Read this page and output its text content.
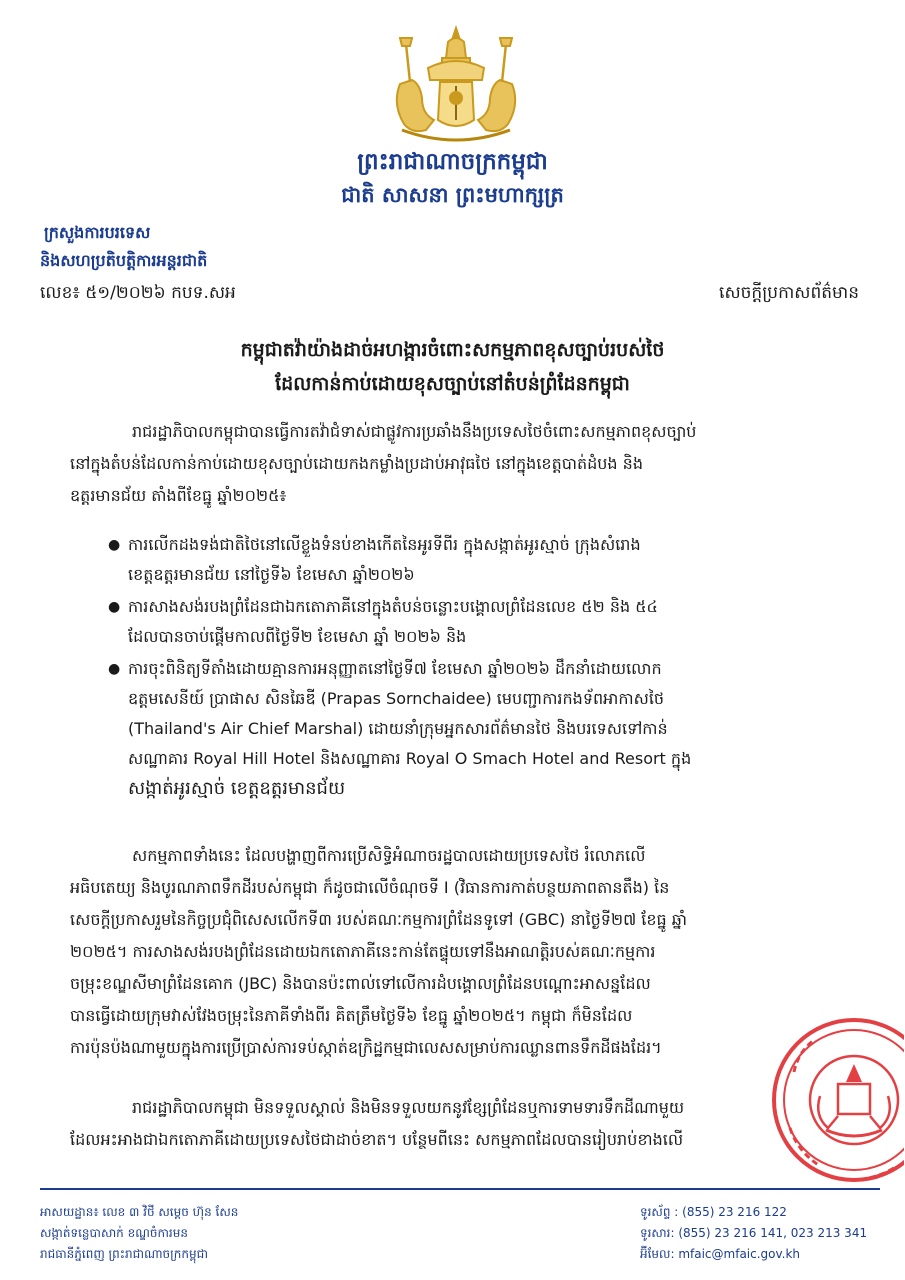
ព្រះរាជាណាចក្រកម្ពុជា
ជាតិ សាសនា ព្រះមហាក្សត្រ
ក្រសួងការបរទេស
និងសហប្រតិបត្តិការអន្តរជាតិ
លេខ៖ ៥១/២០២៦ កបទ.សអ	សេចក្តីប្រកាសព័ត៌មាន
កម្ពុជាតវ៉ាយ៉ាងដាច់អហង្ការចំពោះសកម្មភាពខុសច្បាប់របស់ថៃ
ដែលកាន់កាប់ដោយខុសច្បាប់នៅតំបន់ព្រំដែនកម្ពុជា
រាជរដ្ឋាភិបាលកម្ពុជាបានធ្វើការតវ៉ាជំទាស់ជាផ្លូវការប្រឆាំងនឹងប្រទេសថៃចំពោះសកម្មភាពខុសច្បាប់
នៅក្នុងតំបន់ដែលកាន់កាប់ដោយខុសច្បាប់ដោយកងកម្លាំងប្រដាប់អាវុធថៃ នៅក្នុងខេត្តបាត់ដំបង និង
ឧត្តរមានជ័យ តាំងពីខែធ្នូ ឆ្នាំ២០២៥៖
● ការលើកដងទង់ជាតិថៃនៅលើខ្លួងទំនប់ខាងកើតនៃអូរទីពីរ ក្នុងសង្កាត់អូរស្មាច់ ក្រុងសំរោង
ខេត្តឧត្តរមានជ័យ នៅថ្ងៃទី៦ ខែមេសា ឆ្នាំ២០២៦
● ការសាងសង់របងព្រំដែនជាឯកតោភាគីនៅក្នុងតំបន់ចន្លោះបង្គោលព្រំដែនលេខ ៥២ និង ៥៤
ដែលបានចាប់ផ្តើមកាលពីថ្ងៃទី២ ខែមេសា ឆ្នាំ ២០២៦ និង
● ការចុះពិនិត្យទីតាំងដោយគ្មានការអនុញ្ញាតនៅថ្ងៃទី៧ ខែមេសា ឆ្នាំ២០២៦ ដឹកនាំដោយលោក
ឧត្តមសេនីយ៍ ប្រាផាស សិនឆៃឌី (Prapas Sornchaidee) មេបញ្ជាការកងទ័ពអាកាសថៃ
(Thailand's Air Chief Marshal) ដោយនាំក្រុមអ្នកសារព័ត៌មានថៃ និងបរទេសទៅកាន់
សណ្ឋាគារ Royal Hill Hotel និងសណ្ឋាគារ Royal O Smach Hotel and Resort ក្នុង
សង្កាត់អូរស្មាច់ ខេត្តឧត្តរមានជ័យ
សកម្មភាពទាំងនេះ ដែលបង្ហាញពីការប្រើសិទ្ធិអំណាចរដ្ឋបាលដោយប្រទេសថៃ រំលោភលើ
អធិបតេយ្យ និងបូរណភាពទឹកដីរបស់កម្ពុជា ក៏ដូចជាលើចំណុចទី I (វិធានការកាត់បន្ថយភាពតានតឹង) នៃ
សេចក្តីប្រកាសរួមនៃកិច្ចប្រជុំពិសេសលើកទី៣ របស់គណៈកម្មការព្រំដែនទូទៅ (GBC) នាថ្ងៃទី២៧ ខែធ្នូ ឆ្នាំ
២០២៥។ ការសាងសង់របងព្រំដែនដោយឯកតោភាគីនេះកាន់តែផ្ទុយទៅនឹងអាណត្តិរបស់គណៈកម្មការ
ចម្រុះខណ្ឌសីមាព្រំដែនគោក (JBC) និងបានប៉ះពាល់ទៅលើការដំបង្គោលព្រំដែនបណ្តោះអាសន្នដែល
បានធ្វើដោយក្រុមវាស់វែងចម្រុះនៃភាគីទាំងពីរ គិតត្រឹមថ្ងៃទី៦ ខែធ្នូ ឆ្នាំ២០២៥។ កម្ពុជា ក៏មិនដែល
ការប៉ុនប៉ងណាមួយក្នុងការប្រើប្រាស់ការទប់ស្កាត់ឧក្រិដ្ឋកម្មជាលេសសម្រាប់ការឈ្លានពានទឹកដីផងដែរ។
រាជរដ្ឋាភិបាលកម្ពុជា មិនទទួលស្គាល់ និងមិនទទួលយកនូវខ្សែព្រំដែនឬការទាមទារទឹកដីណាមួយ
ដែលអះអាងជាឯកតោភាគីដោយប្រទេសថៃជាដាច់ខាត។ បន្ថែមពីនេះ សកម្មភាពដែលបានរៀបរាប់ខាងលើ
អាសយដ្ឋាន៖ លេខ ៣ វិថី សម្តេច ហ៊ុន សែន
សង្កាត់ទន្លេបាសាក់ ខណ្ឌចំការមន
រាជធានីភ្នំពេញ ព្រះរាជាណាចក្រកម្ពុជា
ទូរស័ព្ទ : (855) 23 216 122
ទូរសារ: (855) 23 216 141, 023 213 341
អ៊ីមែល: mfaic@mfaic.gov.kh
